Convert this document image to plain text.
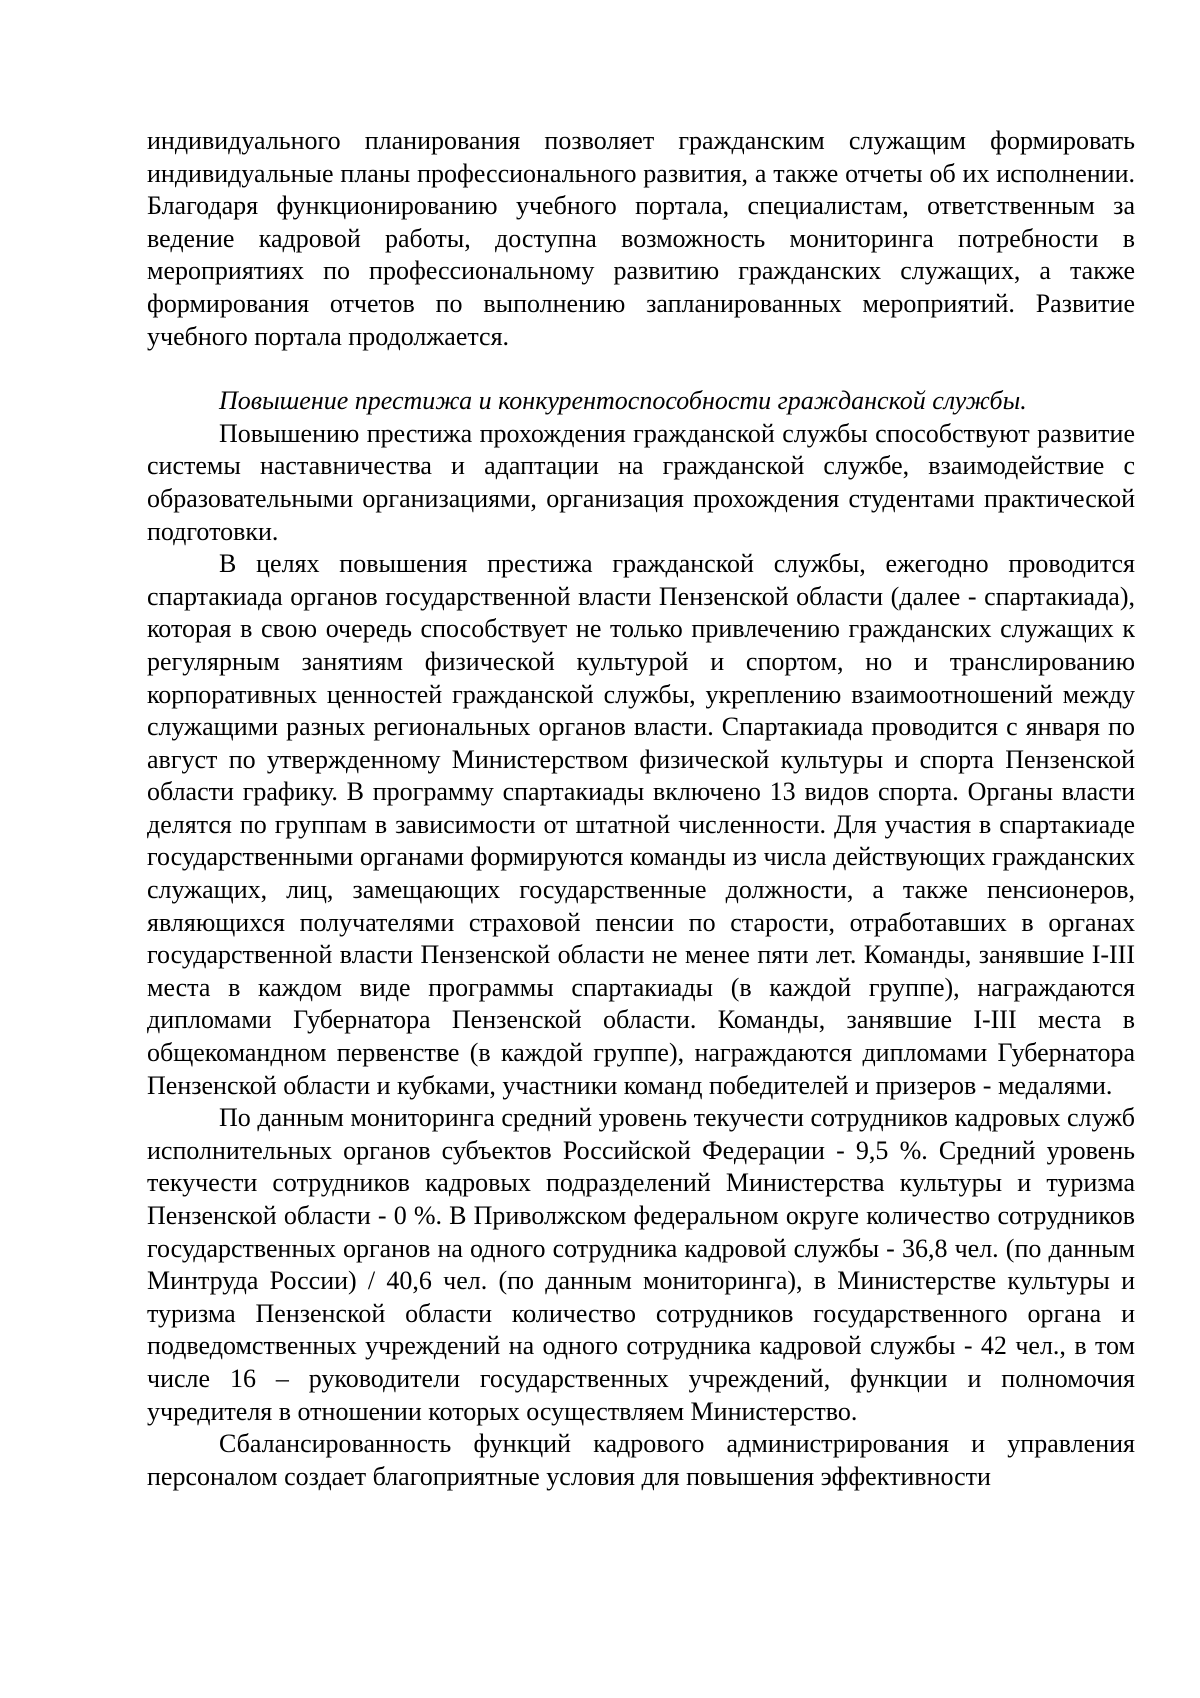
индивидуального планирования позволяет гражданским служащим формировать индивидуальные планы профессионального развития, а также отчеты об их исполнении. Благодаря функционированию учебного портала, специалистам, ответственным за ведение кадровой работы, доступна возможность мониторинга потребности в мероприятиях по профессиональному развитию гражданских служащих, а также формирования отчетов по выполнению запланированных мероприятий. Развитие учебного портала продолжается.

Повышение престижа и конкурентоспособности гражданской службы.

Повышению престижа прохождения гражданской службы способствуют развитие системы наставничества и адаптации на гражданской службе, взаимодействие с образовательными организациями, организация прохождения студентами практической подготовки.

В целях повышения престижа гражданской службы, ежегодно проводится спартакиада органов государственной власти Пензенской области (далее - спартакиада), которая в свою очередь способствует не только привлечению гражданских служащих к регулярным занятиям физической культурой и спортом, но и транслированию корпоративных ценностей гражданской службы, укреплению взаимоотношений между служащими разных региональных органов власти. Спартакиада проводится с января по август по утвержденному Министерством физической культуры и спорта Пензенской области графику. В программу спартакиады включено 13 видов спорта. Органы власти делятся по группам в зависимости от штатной численности. Для участия в спартакиаде государственными органами формируются команды из числа действующих гражданских служащих, лиц, замещающих государственные должности, а также пенсионеров, являющихся получателями страховой пенсии по старости, отработавших в органах государственной власти Пензенской области не менее пяти лет. Команды, занявшие I-III места в каждом виде программы спартакиады (в каждой группе), награждаются дипломами Губернатора Пензенской области. Команды, занявшие I-III места в общекомандном первенстве (в каждой группе), награждаются дипломами Губернатора Пензенской области и кубками, участники команд победителей и призеров - медалями.

По данным мониторинга средний уровень текучести сотрудников кадровых служб исполнительных органов субъектов Российской Федерации - 9,5 %. Средний уровень текучести сотрудников кадровых подразделений Министерства культуры и туризма Пензенской области - 0 %. В Приволжском федеральном округе количество сотрудников государственных органов на одного сотрудника кадровой службы - 36,8 чел. (по данным Минтруда России) / 40,6 чел. (по данным мониторинга), в Министерстве культуры и туризма Пензенской области количество сотрудников государственного органа и подведомственных учреждений на одного сотрудника кадровой службы - 42 чел., в том числе 16 – руководители государственных учреждений, функции и полномочия учредителя в отношении которых осуществляем Министерство.

Сбалансированность функций кадрового администрирования и управления персоналом создает благоприятные условия для повышения эффективности
